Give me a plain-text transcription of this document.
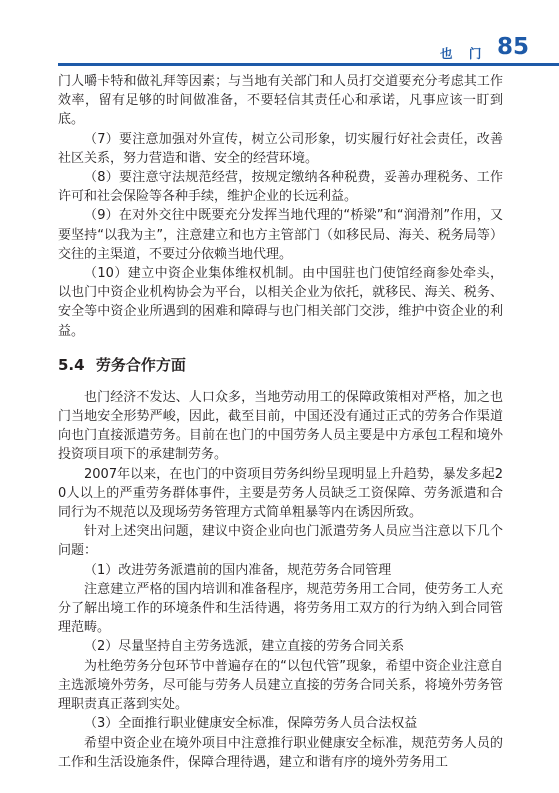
也 门 85

门人嚼卡特和做礼拜等因素；与当地有关部门和人员打交道要充分考虑其工作效率，留有足够的时间做准备，不要轻信其责任心和承诺，凡事应该一盯到底。

（7）要注意加强对外宣传，树立公司形象，切实履行好社会责任，改善社区关系，努力营造和谐、安全的经营环境。

（8）要注意守法规范经营，按规定缴纳各种税费，妥善办理税务、工作许可和社会保险等各种手续，维护企业的长远利益。

（9）在对外交往中既要充分发挥当地代理的“桥梁”和“润滑剂”作用，又要坚持“以我为主”，注意建立和也方主管部门（如移民局、海关、税务局等）交往的主渠道，不要过分依赖当地代理。

（10）建立中资企业集体维权机制。由中国驻也门使馆经商参处牵头，以也门中资企业机构协会为平台，以相关企业为依托，就移民、海关、税务、安全等中资企业所遇到的困难和障碍与也门相关部门交涉，维护中资企业的利益。

5.4 劳务合作方面

也门经济不发达、人口众多，当地劳动用工的保障政策相对严格，加之也门当地安全形势严峻，因此，截至目前，中国还没有通过正式的劳务合作渠道向也门直接派遣劳务。目前在也门的中国劳务人员主要是中方承包工程和境外投资项目项下的承建制劳务。

2007年以来，在也门的中资项目劳务纠纷呈现明显上升趋势，暴发多起20人以上的严重劳务群体事件，主要是劳务人员缺乏工资保障、劳务派遣和合同行为不规范以及现场劳务管理方式简单粗暴等内在诱因所致。

针对上述突出问题，建议中资企业向也门派遣劳务人员应当注意以下几个问题：

（1）改进劳务派遣前的国内准备，规范劳务合同管理

注意建立严格的国内培训和准备程序，规范劳务用工合同，使劳务工人充分了解出境工作的环境条件和生活待遇，将劳务用工双方的行为纳入到合同管理范畴。

（2）尽量坚持自主劳务选派，建立直接的劳务合同关系

为杜绝劳务分包环节中普遍存在的“以包代管”现象，希望中资企业注意自主选派境外劳务，尽可能与劳务人员建立直接的劳务合同关系，将境外劳务管理职责真正落到实处。

（3）全面推行职业健康安全标准，保障劳务人员合法权益

希望中资企业在境外项目中注意推行职业健康安全标准，规范劳务人员的工作和生活设施条件，保障合理待遇，建立和谐有序的境外劳务用工
